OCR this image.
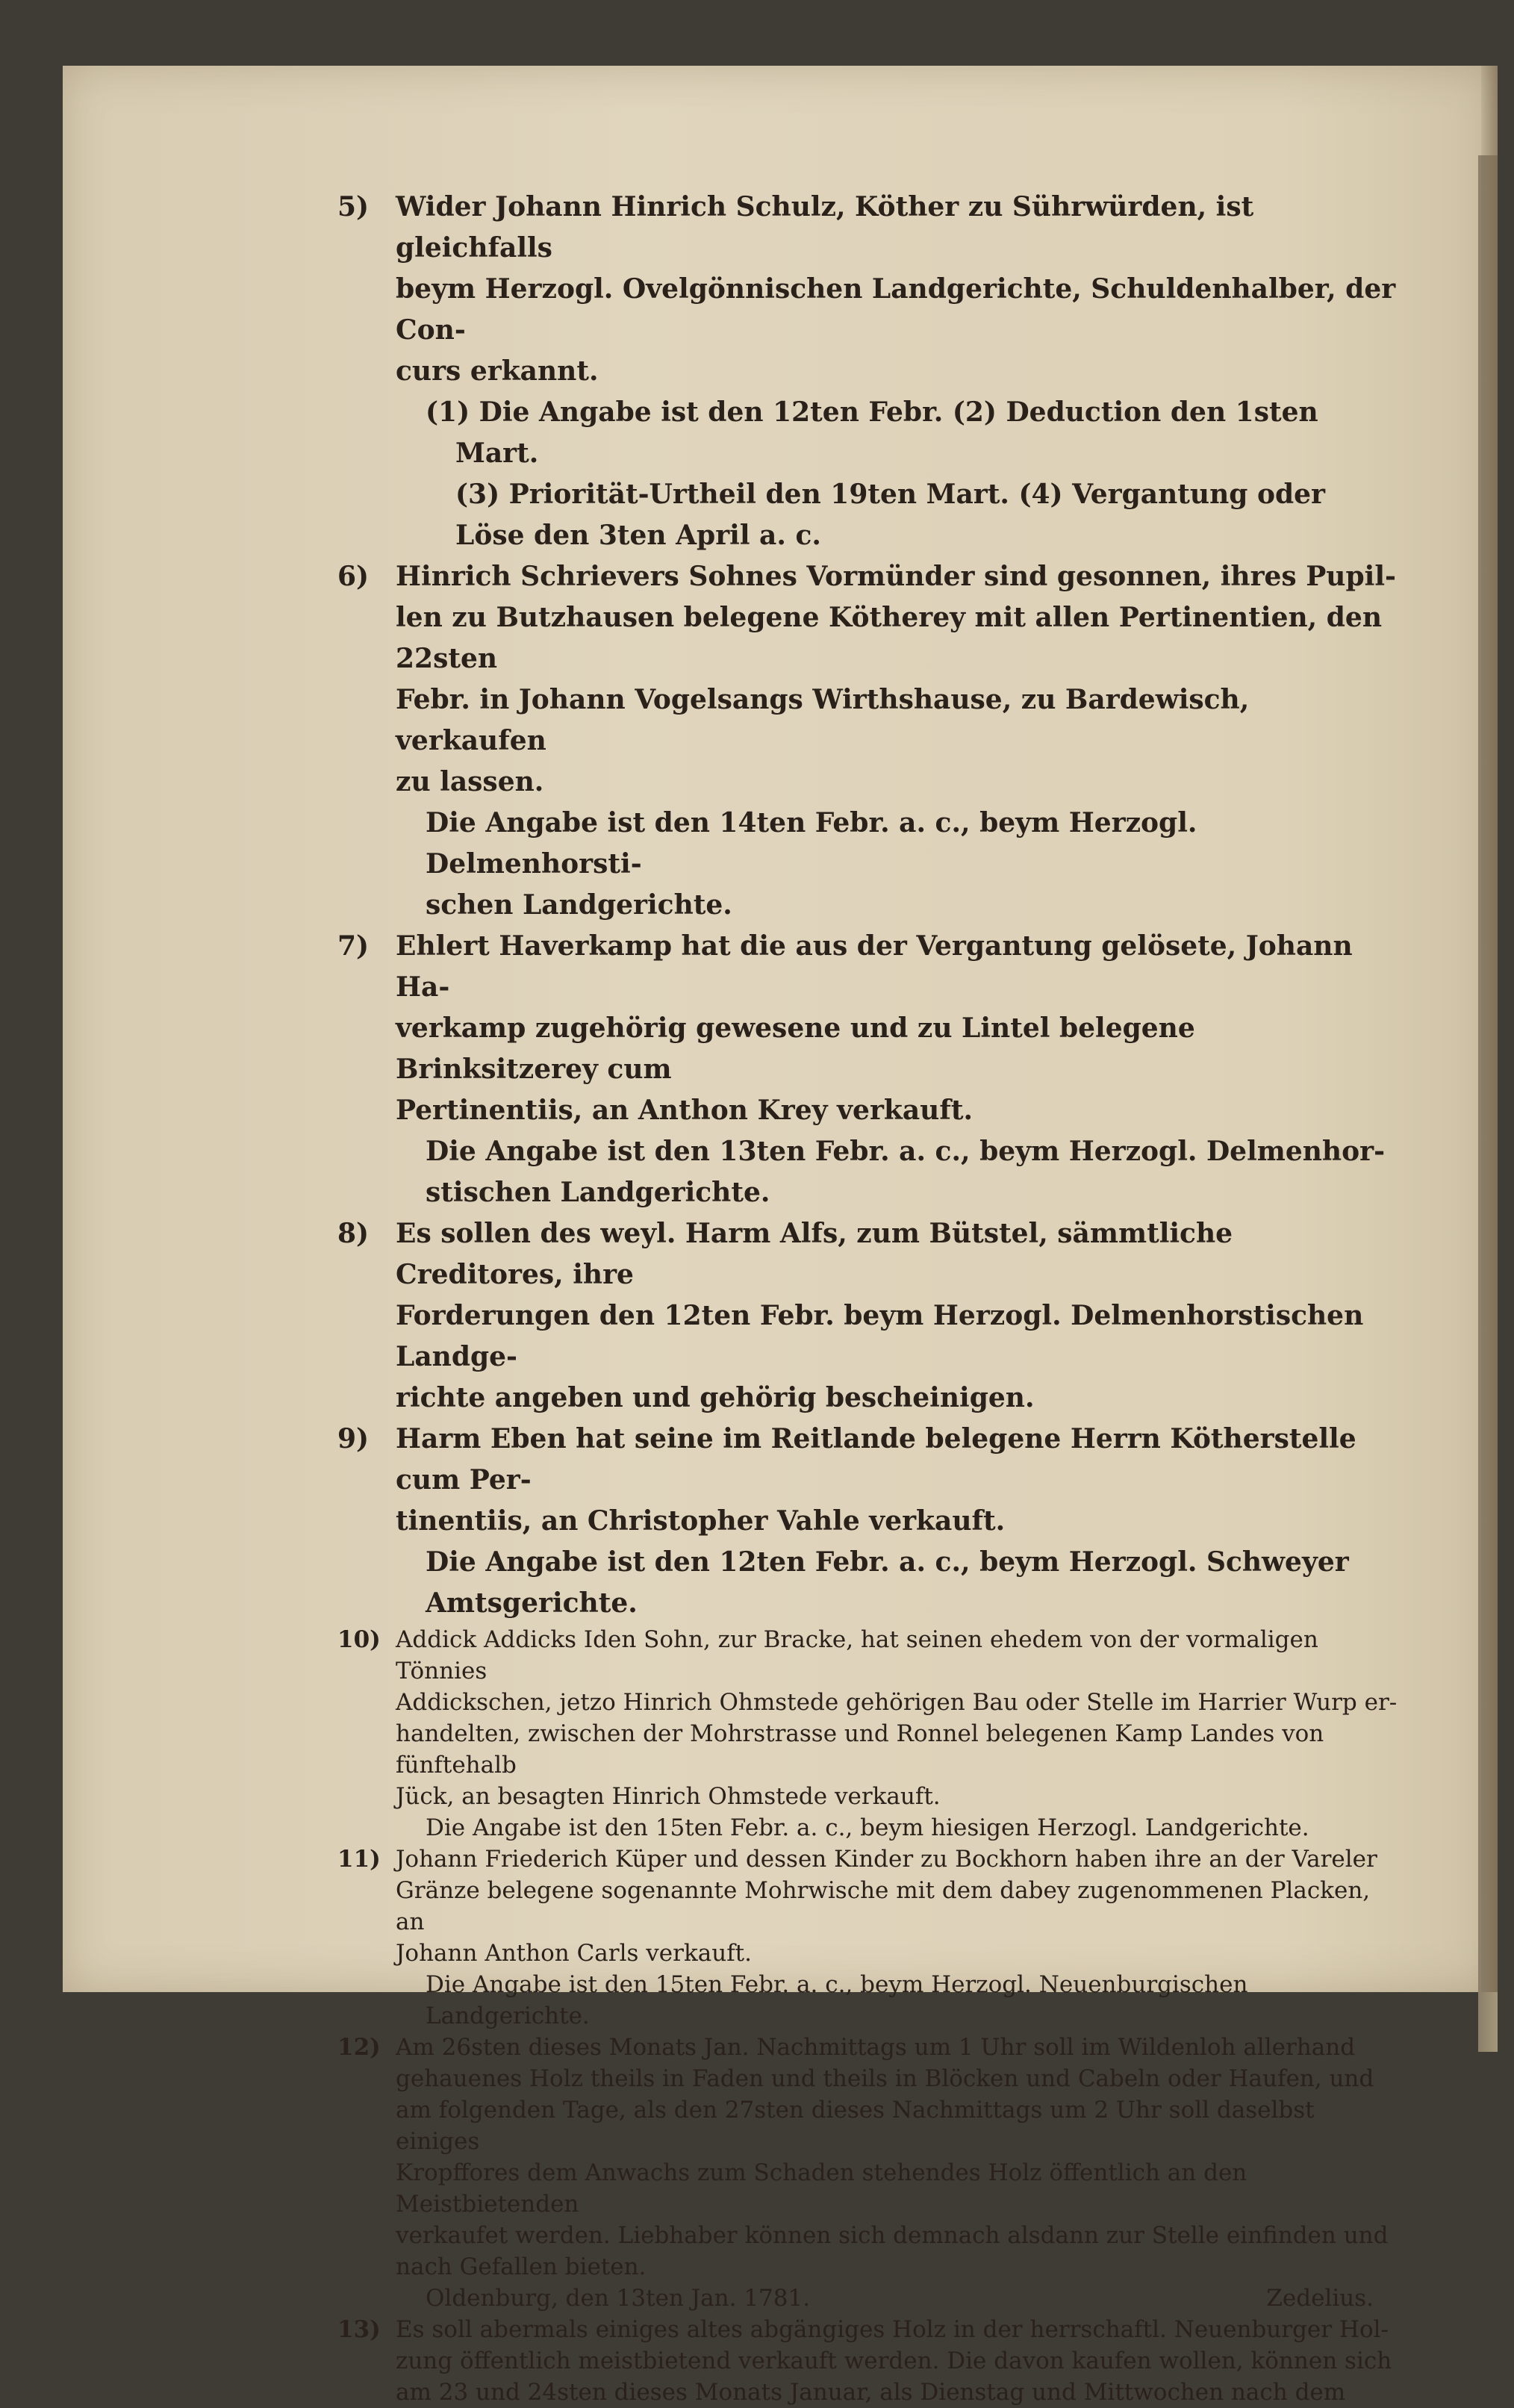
5) Wider Johann Hinrich Schulz, Köther zu Sührwürden, ist gleichfalls
beym Herzogl. Ovelgönnischen Landgerichte, Schuldenhalber, der Con-
curs erkannt.
(1) Die Angabe ist den 12ten Febr. (2) Deduction den 1sten Mart.
(3) Priorität-Urtheil den 19ten Mart. (4) Vergantung oder
Löse den 3ten April a. c.
6) Hinrich Schrievers Sohnes Vormünder sind gesonnen, ihres Pupil-
len zu Butzhausen belegene Kötherey mit allen Pertinentien, den 22sten
Febr. in Johann Vogelsangs Wirthshause, zu Bardewisch, verkaufen
zu lassen.
Die Angabe ist den 14ten Febr. a. c., beym Herzogl. Delmenhorsti-
schen Landgerichte.
7) Ehlert Haverkamp hat die aus der Vergantung gelösete, Johann Ha-
verkamp zugehörig gewesene und zu Lintel belegene Brinksitzerey cum
Pertinentiis, an Anthon Krey verkauft.
Die Angabe ist den 13ten Febr. a. c., beym Herzogl. Delmenhor-
stischen Landgerichte.
8) Es sollen des weyl. Harm Alfs, zum Bütstel, sämmtliche Creditores, ihre
Forderungen den 12ten Febr. beym Herzogl. Delmenhorstischen Landge-
richte angeben und gehörig bescheinigen.
9) Harm Eben hat seine im Reitlande belegene Herrn Kötherstelle cum Per-
tinentiis, an Christopher Vahle verkauft.
Die Angabe ist den 12ten Febr. a. c., beym Herzogl. Schweyer
Amtsgerichte.
10) Addick Addicks Iden Sohn, zur Bracke, hat seinen ehedem von der vormaligen Tönnies
Addickschen, jetzo Hinrich Ohmstede gehörigen Bau oder Stelle im Harrier Wurp er-
handelten, zwischen der Mohrstrasse und Ronnel belegenen Kamp Landes von fünftehalb
Jück, an besagten Hinrich Ohmstede verkauft.
Die Angabe ist den 15ten Febr. a. c., beym hiesigen Herzogl. Landgerichte.
11) Johann Friederich Küper und dessen Kinder zu Bockhorn haben ihre an der Vareler
Gränze belegene sogenannte Mohrwische mit dem dabey zugenommenen Placken, an
Johann Anthon Carls verkauft.
Die Angabe ist den 15ten Febr. a. c., beym Herzogl. Neuenburgischen Landgerichte.
12) Am 26sten dieses Monats Jan. Nachmittags um 1 Uhr soll im Wildenloh allerhand
gehauenes Holz theils in Faden und theils in Blöcken und Cabeln oder Haufen, und
am folgenden Tage, als den 27sten dieses Nachmittags um 2 Uhr soll daselbst einiges
Kropffores dem Anwachs zum Schaden stehendes Holz öffentlich an den Meistbietenden
verkaufet werden. Liebhaber können sich demnach alsdann zur Stelle einfinden und
nach Gefallen bieten.
Oldenburg, den 13ten Jan. 1781.	Zedelius.
13) Es soll abermals einiges altes abgängiges Holz in der herrschaftl. Neuenburger Hol-
zung öffentlich meistbietend verkauft werden. Die davon kaufen wollen, können sich
am 23 und 24sten dieses Monats Januar, als Dienstag und Mittwochen nach dem
